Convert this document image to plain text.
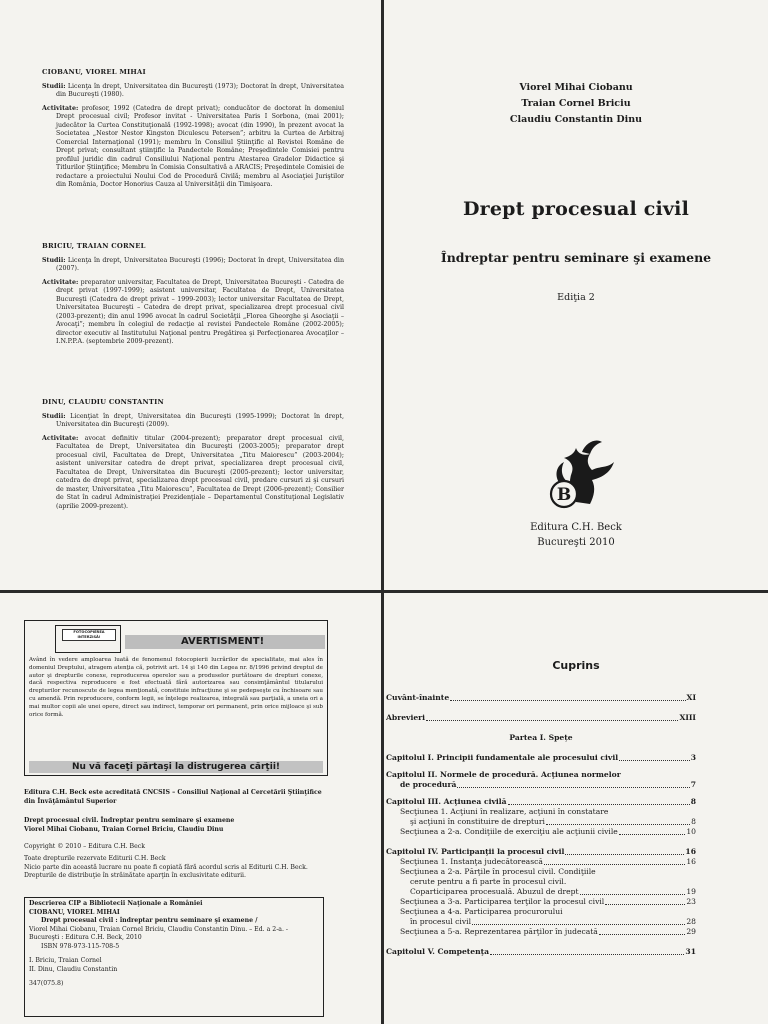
CIOBANU, VIOREL MIHAI

Studii: Licenţa în drept, Universitatea din Bucureşti (1973); Doctorat în drept, Universitatea din Bucureşti (1980).

Activitate: profesor, 1992 (Catedra de drept privat); conducător de doctorat în domeniul Drept procesual civil; Profesor invitat - Universitatea Paris I Sorbona, (mai 2001); judecător la Curtea Constituţională (1992-1998); avocat (din 1990), în prezent avocat la Societatea „Nestor Nestor Kingston Diculescu Petersen”; arbitru la Curtea de Arbitraj Comercial Internaţional (1991); membru în Consiliul Ştiinţific al Revistei Române de Drept privat; consultant ştiinţific la Pandectele Române; Preşedintele Comisiei pentru profilul juridic din cadrul Consiliului Naţional pentru Atestarea Gradelor Didactice şi Titlurilor Ştiinţifice; Membru în Comisia Consultativă a ARACIS; Preşedintele Comisiei de redactare a proiectului Noului Cod de Procedură Civilă; membru al Asociaţiei Juriştilor din România, Doctor Honorius Cauza al Universităţii din Timişoara.

BRICIU, TRAIAN CORNEL

Studii: Licenţa în drept, Universitatea Bucureşti (1996); Doctorat în drept, Universitatea din (2007).

Activitate: preparator universitar, Facultatea de Drept, Universitatea Bucureşti - Catedra de drept privat (1997-1999); asistent universitar, Facultatea de Drept, Universitatea Bucureşti (Catedra de drept privat – 1999-2003); lector universitar Facultatea de Drept, Universitatea Bucureşti – Catedra de drept privat, specializarea drept procesual civil (2003-prezent); din anul 1996 avocat în cadrul Societăţii „Florea Gheorghe şi Asociaţii – Avocaţi”; membru în colegiul de redacţie al revistei Pandectele Române (2002-2005); director executiv al Institutului Naţional pentru Pregătirea şi Perfecţionarea Avocaţilor – I.N.P.P.A. (septembrie 2009-prezent).

DINU, CLAUDIU CONSTANTIN

Studii: Licenţiat în drept, Universitatea din Bucureşti (1995-1999); Doctorat în drept, Universitatea din Bucureşti (2009).

Activitate: avocat definitiv titular (2004-prezent); preparator drept procesual civil, Facultatea de Drept, Universitatea din Bucureşti (2003-2005); preparator drept procesual civil, Facultatea de Drept, Universitatea „Titu Maiorescu” (2003-2004); asistent universitar catedra de drept privat, specializarea drept procesual civil, Facultatea de Drept, Universitatea din Bucureşti (2005-prezent); lector universitar, catedra de drept privat, specializarea drept procesual civil, predare cursuri zi şi cursuri de master, Universitatea „Titu Maiorescu”, Facultatea de Drept (2006-prezent); Consilier de Stat în cadrul Administraţiei Prezidenţiale – Departamentul Constituţional Legislativ (aprilie 2009-prezent).

Viorel Mihai Ciobanu
Traian Cornel Briciu
Claudiu Constantin Dinu
Drept procesual civil
Îndreptar pentru seminare şi examene
Ediţia 2
B
Editura C.H. Beck
Bucureşti 2010
FOTOCOPIEREA INTERZISĂ!	AVERTISMENT!
Având în vedere amploarea luată de fenomenul fotocopierii lucrărilor de specialitate, mai ales în domeniul Dreptului, atragem atenţia că, potrivit art. 14 şi 140 din Legea nr. 8/1996 privind dreptul de autor şi drepturile conexe, reproducerea operelor sau a produselor purtătoare de drepturi conexe, dacă respectiva reproducere e fost efectuată fără autorizarea sau consimţământul titularului drepturilor recunoscute de legea menţionată, constituie infracţiune şi se pedepseşte cu închisoare sau cu amendă. Prin reproducere, conform legii, se înţelege realizarea, integrală sau parţială, a uneia ori a mai multor copii ale unei opere, direct sau indirect, temporar ori permanent, prin orice mijloace şi sub orice formă.
Nu vă faceţi părtaşi la distrugerea cărţii!
Editura C.H. Beck este acreditată CNCSIS – Consiliul Naţional al Cercetării Ştiinţifice din Învăţământul Superior
Drept procesual civil. Îndreptar pentru seminare şi examene
Viorel Mihai Ciobanu, Traian Cornel Briciu, Claudiu Dinu
Copyright © 2010 – Editura C.H. Beck
Toate drepturile rezervate Editurii C.H. Beck
Nicio parte din această lucrare nu poate fi copiată fără acordul scris al Editurii C.H. Beck.
Drepturile de distribuţie în străinătate aparţin în exclusivitate editurii.
Descrierea CIP a Bibliotecii Naţionale a României
CIOBANU, VIOREL MIHAI
Drept procesual civil : îndreptar pentru seminare şi examene /
Viorel Mihai Ciobanu, Traian Cornel Briciu, Claudiu Constantin Dinu. – Ed. a 2-a. - Bucureşti : Editura C.H. Beck, 2010
ISBN 978-973-115-708-5
I. Briciu, Traian Cornel
II. Dinu, Claudiu Constantin
347(075.8)
Cuprins
Cuvânt-înainte	XI
Abrevieri	XIII
Partea I. Spețe
Capitolul I. Principii fundamentale ale procesului civil	3
Capitolul II. Normele de procedură. Acţiunea normelor
de procedură	7
Capitolul III. Acţiunea civilă	8
Secţiunea 1. Acţiuni în realizare, acţiuni în constatare
şi acţiuni în constituire de drepturi	8
Secţiunea a 2-a. Condiţiile de exerciţiu ale acţiunii civile	10
Capitolul IV. Participanţii la procesul civil	16
Secţiunea 1. Instanţa judecătorească	16
Secţiunea a 2-a. Părţile în procesul civil. Condiţiile
cerute pentru a fi parte în procesul civil.
Coparticiparea procesuală. Abuzul de drept	19
Secţiunea a 3-a. Participarea terţilor la procesul civil	23
Secţiunea a 4-a. Participarea procurorului
în procesul civil	28
Secţiunea a 5-a. Reprezentarea părţilor în judecată	29
Capitolul V. Competenţa	31
